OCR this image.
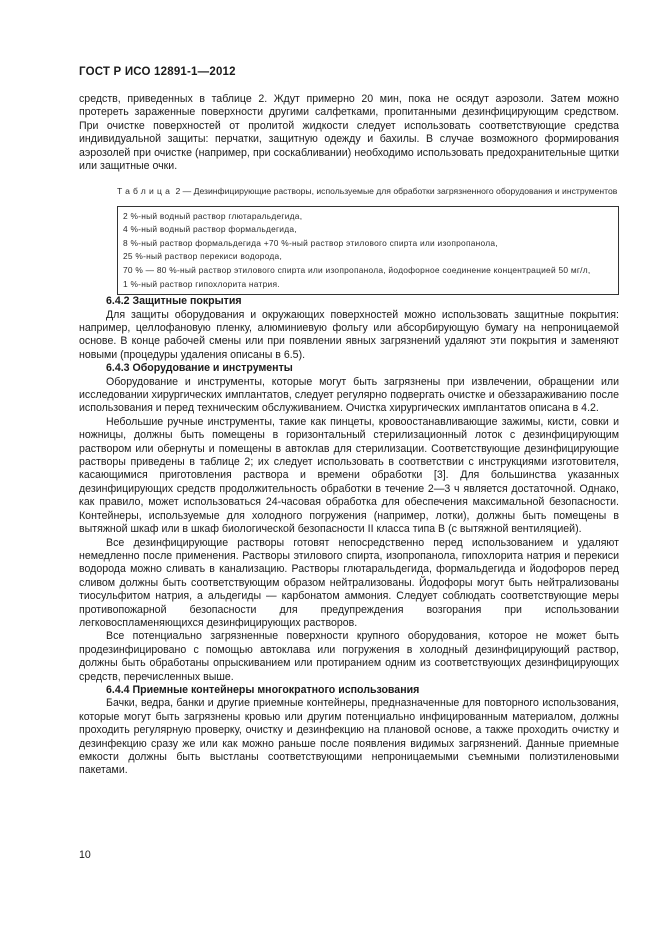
ГОСТ Р ИСО 12891-1—2012

средств, приведенных в таблице 2. Ждут примерно 20 мин, пока не осядут аэрозоли. Затем можно протереть зараженные поверхности другими салфетками, пропитанными дезинфицирующим средством. При очистке поверхностей от пролитой жидкости следует использовать соответствующие средства индивидуальной защиты: перчатки, защитную одежду и бахилы. В случае возможного формирования аэрозолей при очистке (например, при соскабливании) необходимо использовать предохранительные щитки или защитные очки.

Таблица 2 — Дезинфицирующие растворы, используемые для обработки загрязненного оборудования и инструментов
2 %-ный водный раствор глютаральдегида,
4 %-ный водный раствор формальдегида,
8 %-ный раствор формальдегида +70 %-ный раствор этилового спирта или изопропанола,
25 %-ный раствор перекиси водорода,
70 % — 80 %-ный раствор этилового спирта или изопропанола, йодофорное соединение концентрацией 50 мг/л,
1 %-ный раствор гипохлорита натрия.

6.4.2 Защитные покрытия

Для защиты оборудования и окружающих поверхностей можно использовать защитные покрытия: например, целлофановую пленку, алюминиевую фольгу или абсорбирующую бумагу на непроницаемой основе. В конце рабочей смены или при появлении явных загрязнений удаляют эти покрытия и заменяют новыми (процедуры удаления описаны в 6.5).

6.4.3 Оборудование и инструменты

Оборудование и инструменты, которые могут быть загрязнены при извлечении, обращении или исследовании хирургических имплантатов, следует регулярно подвергать очистке и обеззараживанию после использования и перед техническим обслуживанием. Очистка хирургических имплантатов описана в 4.2.

Небольшие ручные инструменты, такие как пинцеты, кровоостанавливающие зажимы, кисти, совки и ножницы, должны быть помещены в горизонтальный стерилизационный лоток с дезинфицирующим раствором или обернуты и помещены в автоклав для стерилизации. Соответствующие дезинфицирующие растворы приведены в таблице 2; их следует использовать в соответствии с инструкциями изготовителя, касающимися приготовления раствора и времени обработки [3]. Для большинства указанных дезинфицирующих средств продолжительность обработки в течение 2—3 ч является достаточной. Однако, как правило, может использоваться 24-часовая обработка для обеспечения максимальной безопасности. Контейнеры, используемые для холодного погружения (например, лотки), должны быть помещены в вытяжной шкаф или в шкаф биологической безопасности II класса типа B (с вытяжной вентиляцией).

Все дезинфицирующие растворы готовят непосредственно перед использованием и удаляют немедленно после применения. Растворы этилового спирта, изопропанола, гипохлорита натрия и перекиси водорода можно сливать в канализацию. Растворы глютаральдегида, формальдегида и йодофоров перед сливом должны быть соответствующим образом нейтрализованы. Йодофоры могут быть нейтрализованы тиосульфитом натрия, а альдегиды — карбонатом аммония. Следует соблюдать соответствующие меры противопожарной безопасности для предупреждения возгорания при использовании легковоспламеняющихся дезинфицирующих растворов.

Все потенциально загрязненные поверхности крупного оборудования, которое не может быть продезинфицировано с помощью автоклава или погружения в холодный дезинфицирующий раствор, должны быть обработаны опрыскиванием или протиранием одним из соответствующих дезинфицирующих средств, перечисленных выше.

6.4.4 Приемные контейнеры многократного использования

Бачки, ведра, банки и другие приемные контейнеры, предназначенные для повторного использования, которые могут быть загрязнены кровью или другим потенциально инфицированным материалом, должны проходить регулярную проверку, очистку и дезинфекцию на плановой основе, а также проходить очистку и дезинфекцию сразу же или как можно раньше после появления видимых загрязнений. Данные приемные емкости должны быть выстланы соответствующими непроницаемыми съемными полиэтиленовыми пакетами.

10
